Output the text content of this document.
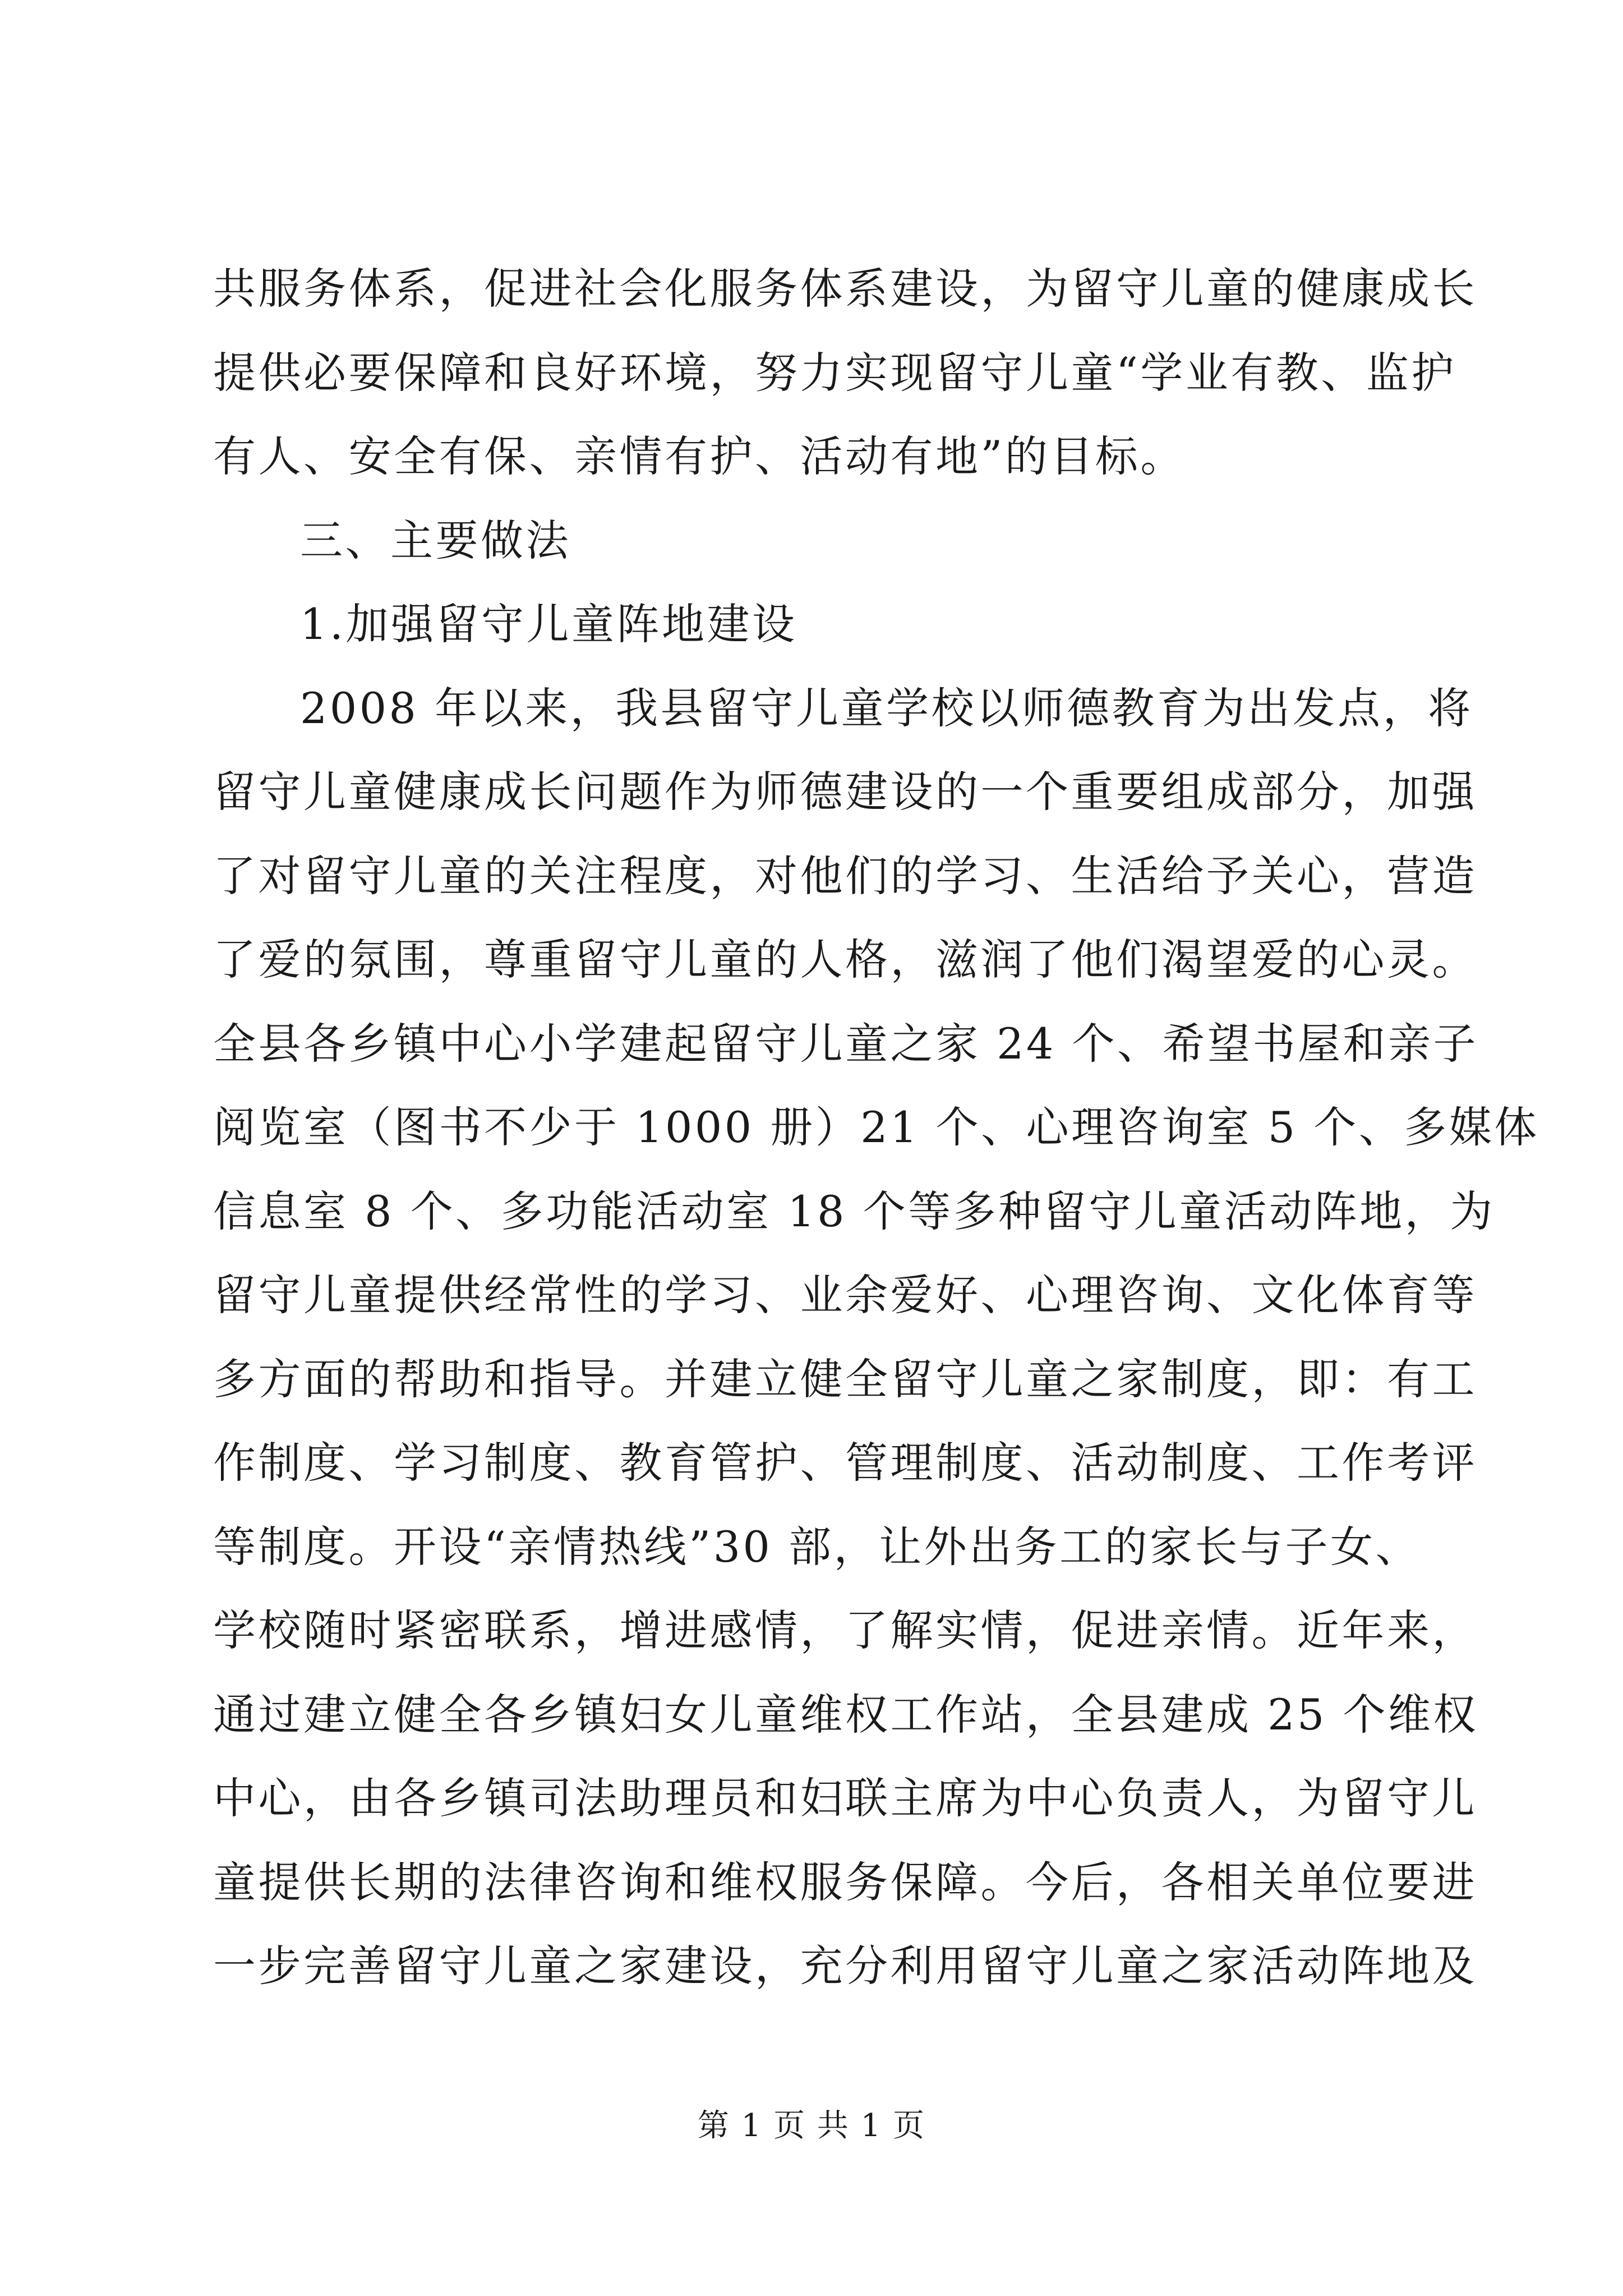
共服务体系，促进社会化服务体系建设，为留守儿童的健康成长
提供必要保障和良好环境，努力实现留守儿童“学业有教、监护
有人、安全有保、亲情有护、活动有地”的目标。
三、主要做法
1.加强留守儿童阵地建设
2008 年以来，我县留守儿童学校以师德教育为出发点，将
留守儿童健康成长问题作为师德建设的一个重要组成部分，加强
了对留守儿童的关注程度，对他们的学习、生活给予关心，营造
了爱的氛围，尊重留守儿童的人格，滋润了他们渴望爱的心灵。
全县各乡镇中心小学建起留守儿童之家 24 个、希望书屋和亲子
阅览室（图书不少于 1000 册）21 个、心理咨询室 5 个、多媒体
信息室 8 个、多功能活动室 18 个等多种留守儿童活动阵地，为
留守儿童提供经常性的学习、业余爱好、心理咨询、文化体育等
多方面的帮助和指导。并建立健全留守儿童之家制度，即：有工
作制度、学习制度、教育管护、管理制度、活动制度、工作考评
等制度。开设“亲情热线”30 部，让外出务工的家长与子女、
学校随时紧密联系，增进感情，了解实情，促进亲情。近年来，
通过建立健全各乡镇妇女儿童维权工作站，全县建成 25 个维权
中心，由各乡镇司法助理员和妇联主席为中心负责人，为留守儿
童提供长期的法律咨询和维权服务保障。今后，各相关单位要进
一步完善留守儿童之家建设，充分利用留守儿童之家活动阵地及
第 1 页 共 1 页
